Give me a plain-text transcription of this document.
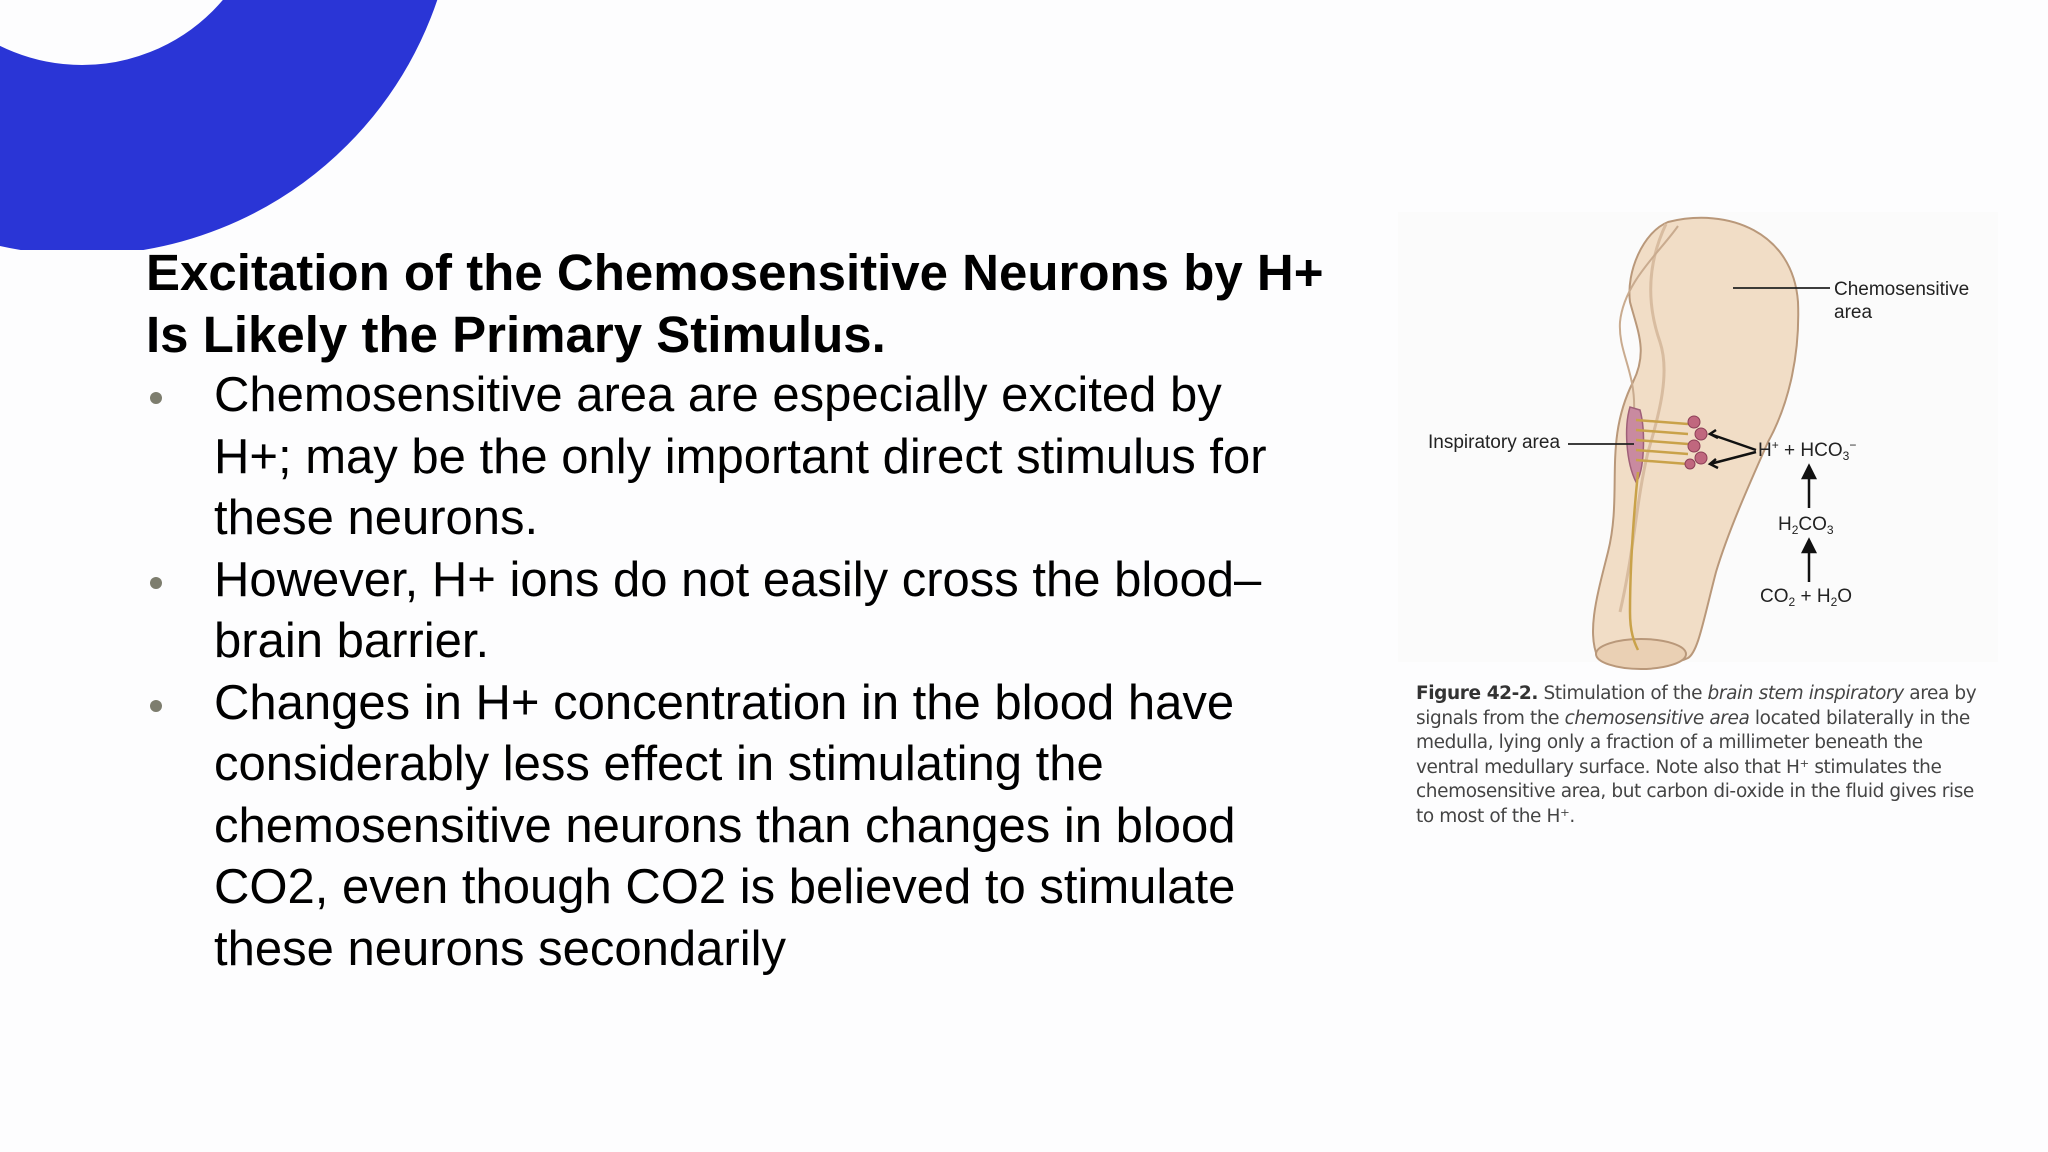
Excitation of the Chemosensitive Neurons by H+
Is Likely the Primary Stimulus.

Chemosensitive area are especially excited by
H+; may be the only important direct stimulus for
these neurons.
However, H+ ions do not easily cross the blood–
brain barrier.
Changes in H+ concentration in the blood have
considerably less effect in stimulating the
chemosensitive neurons than changes in blood
CO2, even though CO2 is believed to stimulate
these neurons secondarily
Chemosensitive
area
Inspiratory area	$H^+ + HCO_3^-$
$H_2CO_3$
$CO_2 + H_2O$
Figure 42-2. Stimulation of the brain stem inspiratory area by signals from the chemosensitive area located bilaterally in the medulla, lying only a fraction of a millimeter beneath the ventral medullary surface. Note also that H⁺ stimulates the chemosensitive area, but carbon di-oxide in the fluid gives rise to most of the H⁺.
